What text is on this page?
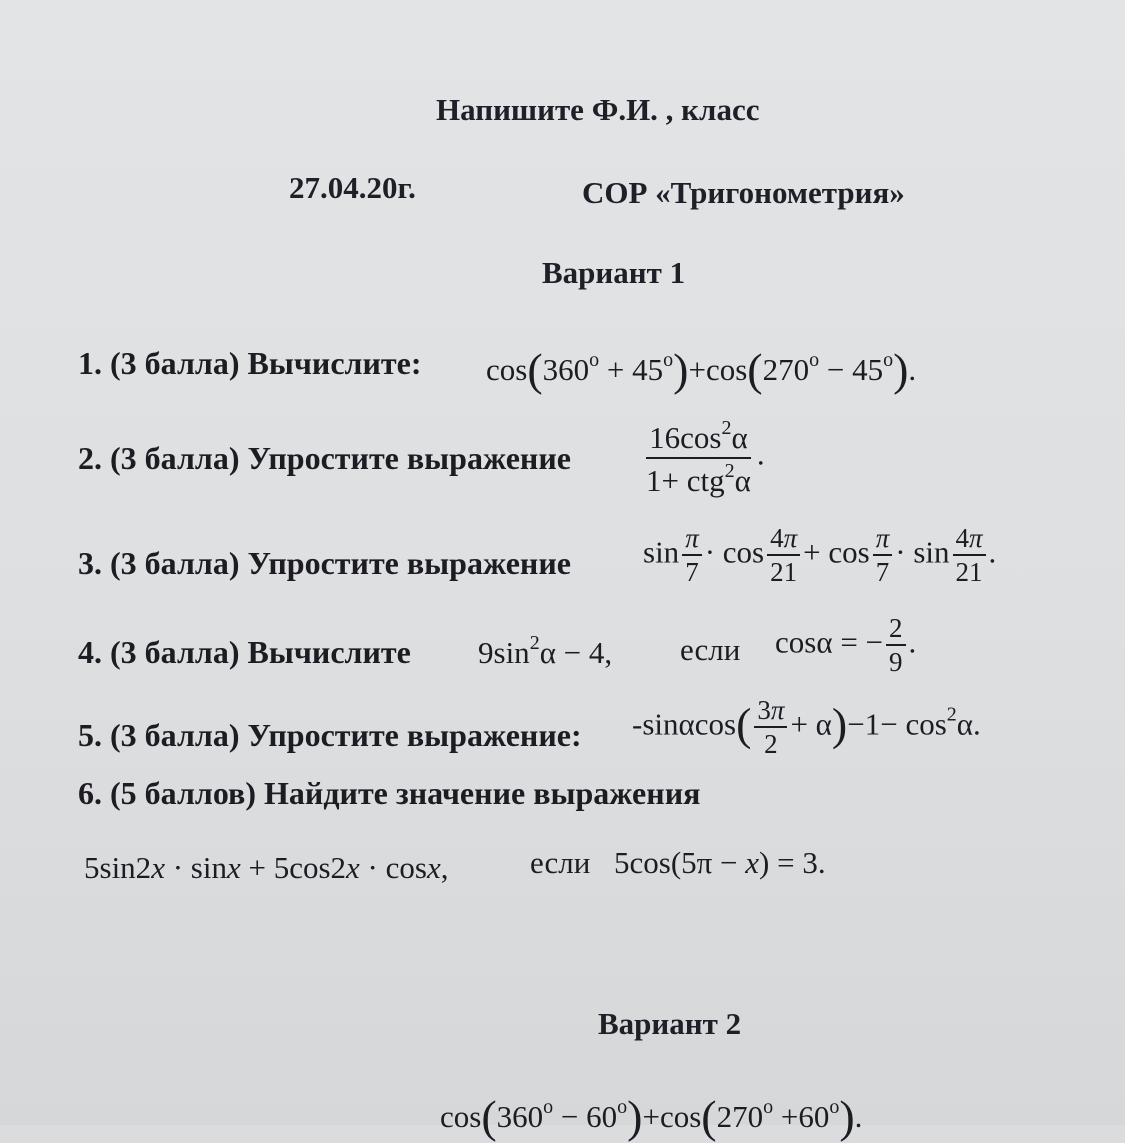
Напишите Ф.И. , класс
27.04.20г.	СОР «Тригонометрия»
Вариант 1
1. (3 балла) Вычислите: $\cos(360^o + 45^o)+\cos(270^o - 45^o)$.
2. (3 балла) Упростите выражение $\frac{16\cos^2\alpha}{1+ ctg^2\alpha}$ .
3. (3 балла) Упростите выражение $\sin \frac{\pi}{7} \cdot \cos \frac{4\pi}{21} + \cos \frac{\pi}{7} \cdot \sin \frac{4\pi}{21}$ .
4. (3 балла) Вычислите $9\sin^2\alpha - 4$, если cosα = − $\frac{2}{9}$ .
5. (3 балла) Упростите выражение: $-\sin\alpha\cos( \frac{3\pi}{2} + \alpha)-1- \cos^2\alpha$.
6. (5 баллов) Найдите значение выражения
5sin2x · sinx + 5cos2x · cosx,	если 5cos(5π − x) = 3.
Вариант 2
$\cos(360^o - 60^o)+\cos(270^o +60^o)$.
